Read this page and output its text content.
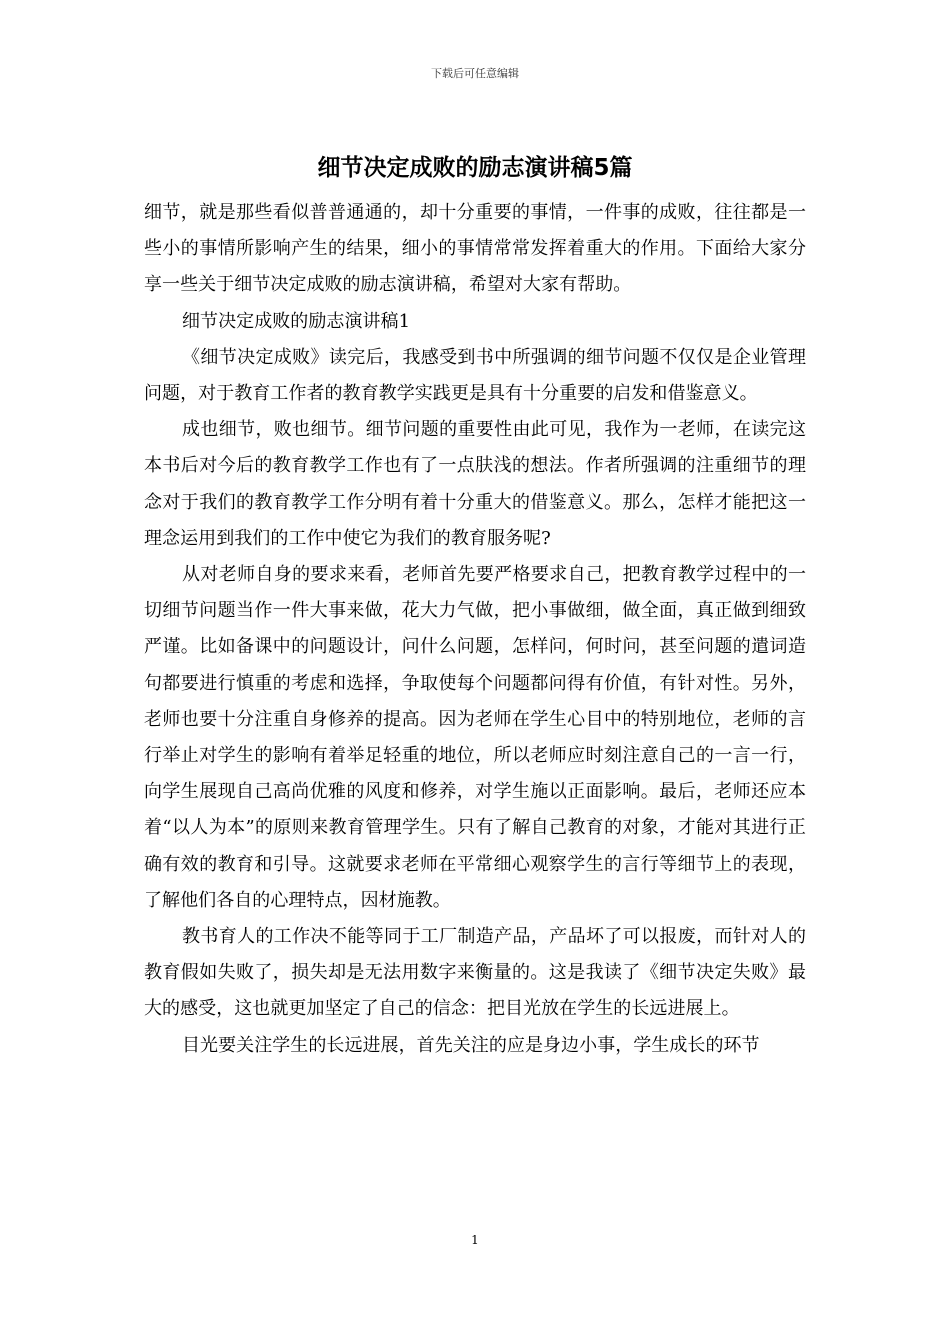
下载后可任意编辑
细节决定成败的励志演讲稿5篇

细节，就是那些看似普普通通的，却十分重要的事情，一件事的成败，往往都是一些小的事情所影响产生的结果，细小的事情常常发挥着重大的作用。下面给大家分享一些关于细节决定成败的励志演讲稿，希望对大家有帮助。

细节决定成败的励志演讲稿1

《细节决定成败》读完后，我感受到书中所强调的细节问题不仅仅是企业管理问题，对于教育工作者的教育教学实践更是具有十分重要的启发和借鉴意义。

成也细节，败也细节。细节问题的重要性由此可见，我作为一老师，在读完这本书后对今后的教育教学工作也有了一点肤浅的想法。作者所强调的注重细节的理念对于我们的教育教学工作分明有着十分重大的借鉴意义。那么，怎样才能把这一理念运用到我们的工作中使它为我们的教育服务呢?

从对老师自身的要求来看，老师首先要严格要求自己，把教育教学过程中的一切细节问题当作一件大事来做，花大力气做，把小事做细，做全面，真正做到细致严谨。比如备课中的问题设计，问什么问题，怎样问，何时问，甚至问题的遣词造句都要进行慎重的考虑和选择，争取使每个问题都问得有价值，有针对性。另外，老师也要十分注重自身修养的提高。因为老师在学生心目中的特别地位，老师的言行举止对学生的影响有着举足轻重的地位，所以老师应时刻注意自己的一言一行，向学生展现自己高尚优雅的风度和修养，对学生施以正面影响。最后，老师还应本着“以人为本”的原则来教育管理学生。只有了解自己教育的对象，才能对其进行正确有效的教育和引导。这就要求老师在平常细心观察学生的言行等细节上的表现，了解他们各自的心理特点，因材施教。

教书育人的工作决不能等同于工厂制造产品，产品坏了可以报废，而针对人的教育假如失败了，损失却是无法用数字来衡量的。这是我读了《细节决定失败》最大的感受，这也就更加坚定了自己的信念：把目光放在学生的长远进展上。

目光要关注学生的长远进展，首先关注的应是身边小事，学生成长的环节

1
